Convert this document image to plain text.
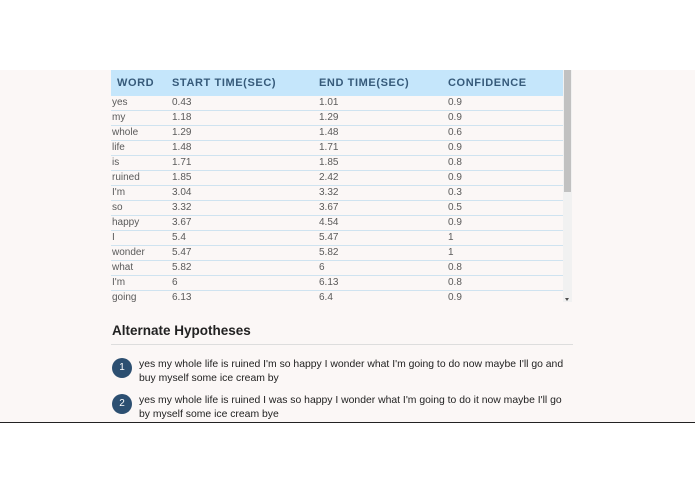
WORD	START TIME(SEC)	END TIME(SEC)	CONFIDENCE
yes	0.43	1.01	0.9
my	1.18	1.29	0.9
whole	1.29	1.48	0.6
life	1.48	1.71	0.9
is	1.71	1.85	0.8
ruined	1.85	2.42	0.9
I'm	3.04	3.32	0.3
so	3.32	3.67	0.5
happy	3.67	4.54	0.9
I	5.4	5.47	1
wonder	5.47	5.82	1
what	5.82	6	0.8
I'm	6	6.13	0.8
going	6.13	6.4	0.9
Alternate Hypotheses
1	yes my whole life is ruined I'm so happy I wonder what I'm going to do now maybe I'll go and buy myself some ice cream by
2	yes my whole life is ruined I was so happy I wonder what I'm going to do it now maybe I'll go by myself some ice cream bye
